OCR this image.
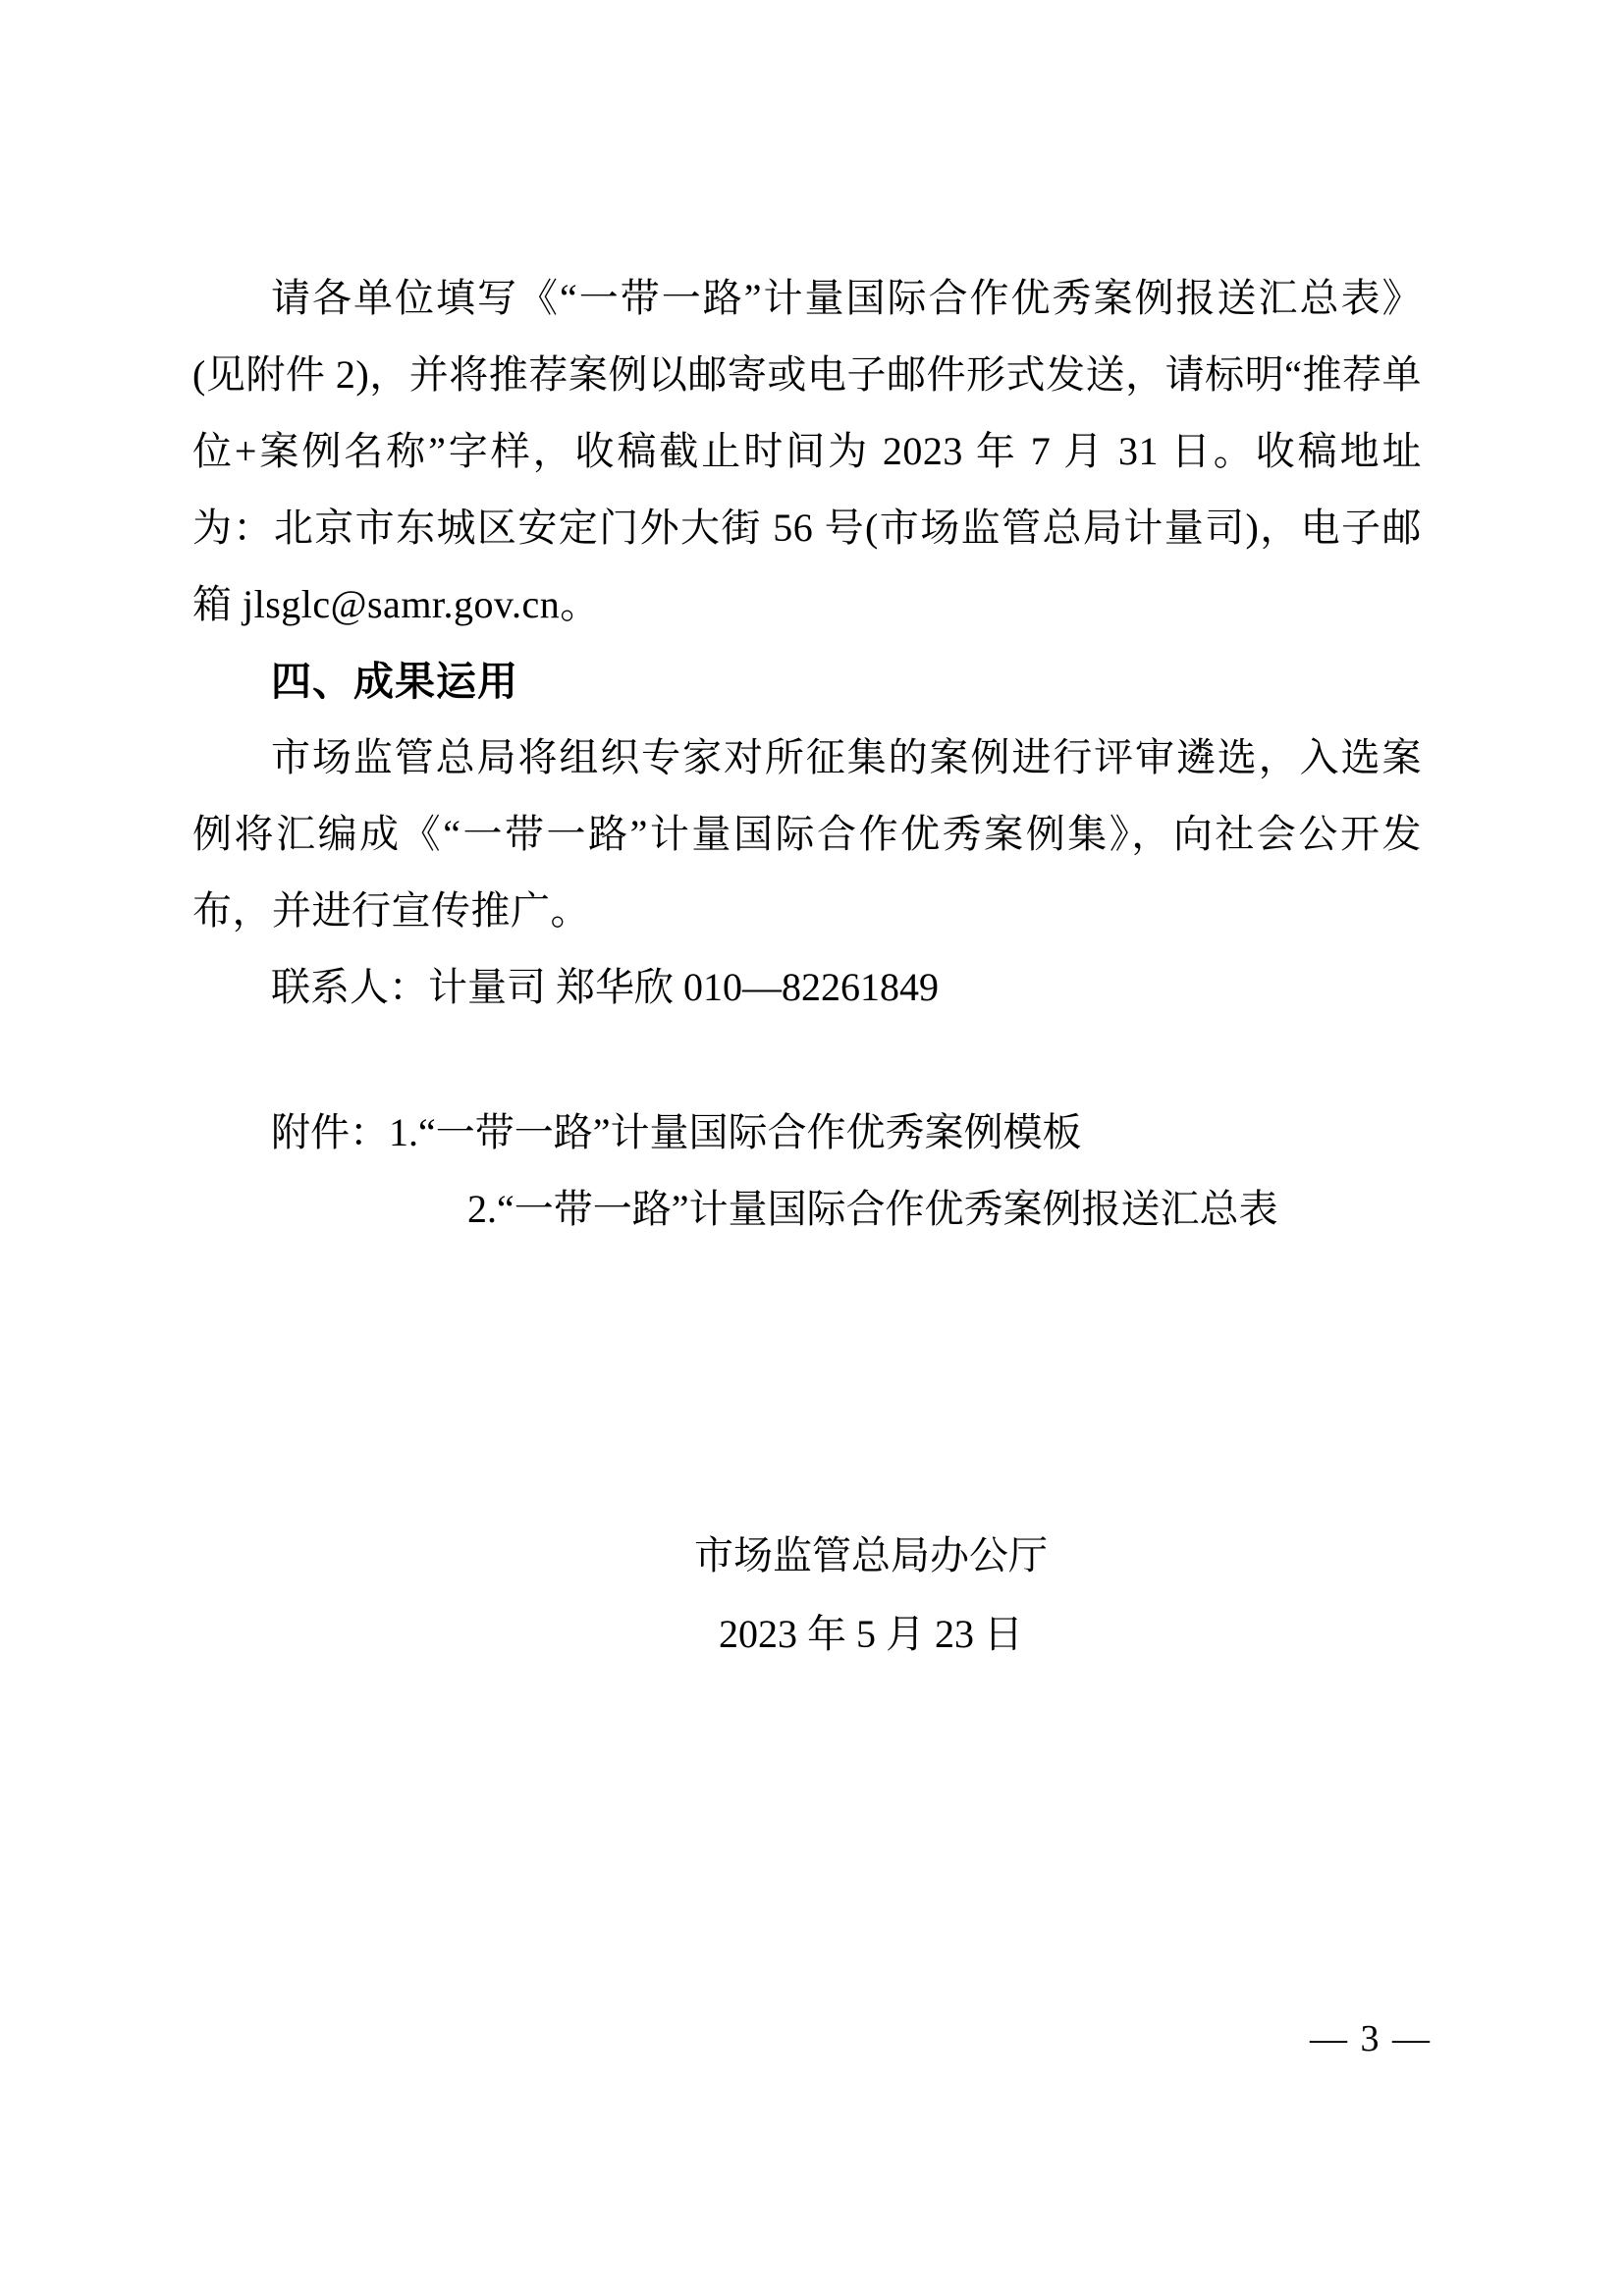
请各单位填写《“一带一路”计量国际合作优秀案例报送汇总表》(见附件 2)，并将推荐案例以邮寄或电子邮件形式发送，请标明“推荐单位+案例名称”字样，收稿截止时间为 2023 年 7 月 31 日。收稿地址为：北京市东城区安定门外大街 56 号(市场监管总局计量司)，电子邮箱 jlsglc@samr.gov.cn。

四、成果运用

市场监管总局将组织专家对所征集的案例进行评审遴选，入选案例将汇编成《“一带一路”计量国际合作优秀案例集》，向社会公开发布，并进行宣传推广。

联系人：计量司 郑华欣 010—82261849

附件：1.“一带一路”计量国际合作优秀案例模板

2.“一带一路”计量国际合作优秀案例报送汇总表

市场监管总局办公厅

2023 年 5 月 23 日

— 3 —
